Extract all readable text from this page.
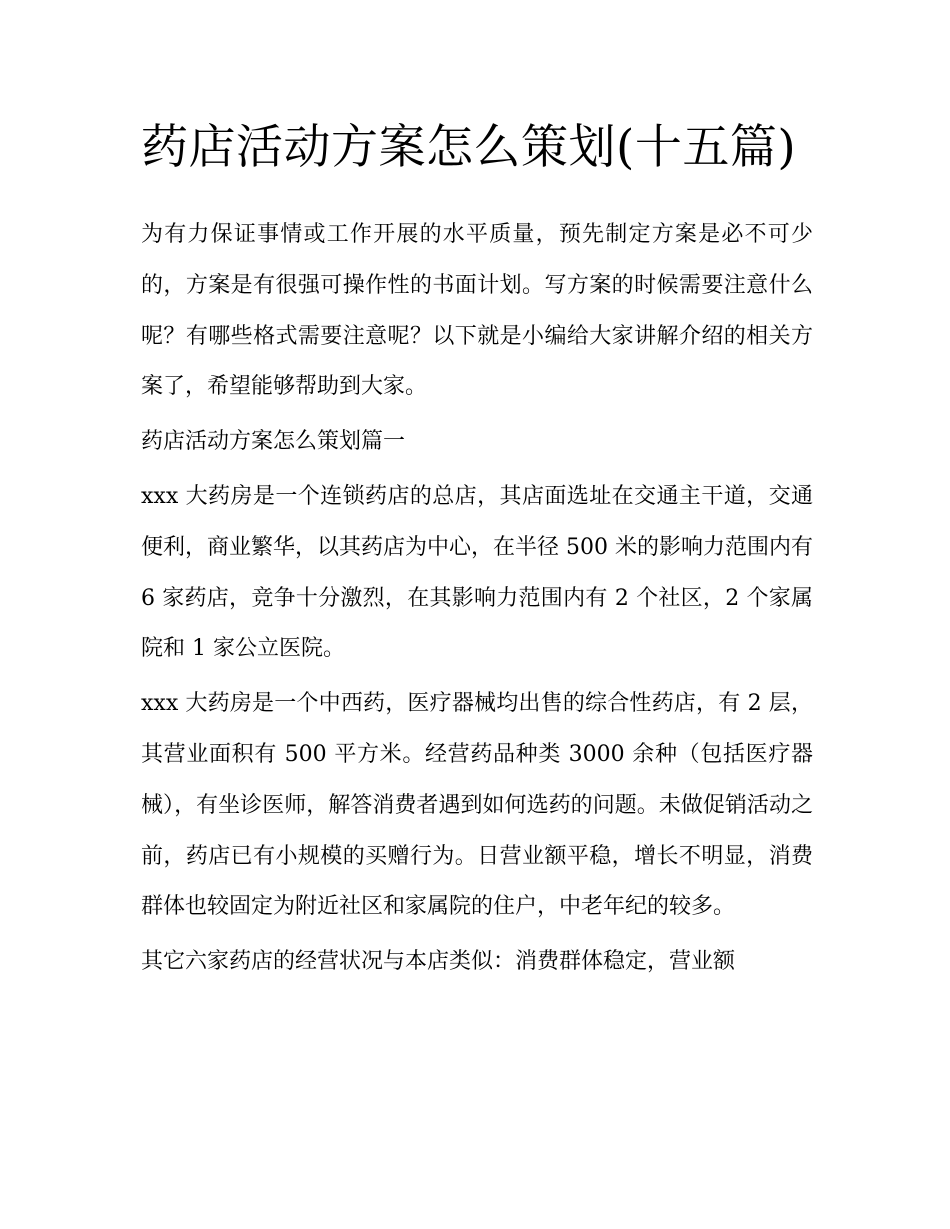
药店活动方案怎么策划(十五篇)

为有力保证事情或工作开展的水平质量，预先制定方案是必不可少的，方案是有很强可操作性的书面计划。写方案的时候需要注意什么呢？有哪些格式需要注意呢？以下就是小编给大家讲解介绍的相关方案了，希望能够帮助到大家。

药店活动方案怎么策划篇一

xxx 大药房是一个连锁药店的总店，其店面选址在交通主干道，交通便利，商业繁华，以其药店为中心，在半径 500 米的影响力范围内有 6 家药店，竞争十分激烈，在其影响力范围内有 2 个社区，2 个家属院和 1 家公立医院。

xxx 大药房是一个中西药，医疗器械均出售的综合性药店，有 2 层，其营业面积有 500 平方米。经营药品种类 3000 余种（包括医疗器械），有坐诊医师，解答消费者遇到如何选药的问题。未做促销活动之前，药店已有小规模的买赠行为。日营业额平稳，增长不明显，消费群体也较固定为附近社区和家属院的住户，中老年纪的较多。

其它六家药店的经营状况与本店类似：消费群体稳定，营业额
